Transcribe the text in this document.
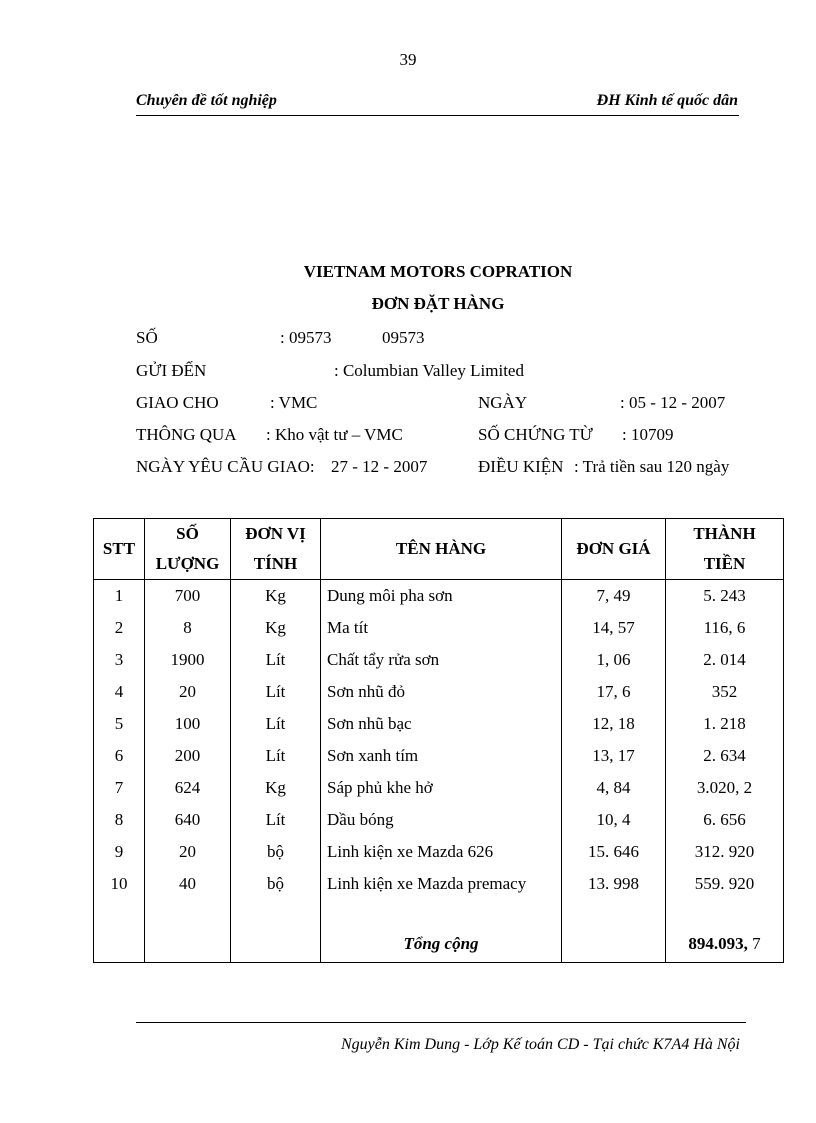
39
Chuyên đề tốt nghiệp	ĐH Kinh tế quốc dân
VIETNAM MOTORS COPRATION
ĐƠN ĐẶT HÀNG
SỐ	: 09573	09573
GỬI ĐẾN	: Columbian Valley Limited
GIAO CHO	: VMC	NGÀY	: 05 - 12 - 2007
THÔNG QUA : Kho vật tư – VMC	SỐ CHỨNG TỪ : 10709
NGÀY YÊU CẦU GIAO: 27 - 12 - 2007	ĐIỀU KIỆN : Trả tiền sau 120 ngày
STT	SỐ	ĐƠN VỊ	TÊN HÀNG	ĐƠN GIÁ	THÀNH
	LƯỢNG	TÍNH			TIỀN
1	700	Kg	Dung môi pha sơn	7, 49	5. 243
2	8	Kg	Ma tít	14, 57	116, 6
3	1900	Lít	Chất tẩy rửa sơn	1, 06	2. 014
4	20	Lít	Sơn nhũ đỏ	17, 6	352
5	100	Lít	Sơn nhũ bạc	12, 18	1. 218
6	200	Lít	Sơn xanh tím	13, 17	2. 634
7	624	Kg	Sáp phủ khe hở	4, 84	3.020, 2
8	640	Lít	Dầu bóng	10, 4	6. 656
9	20	bộ	Linh kiện xe Mazda 626	15. 646	312. 920
10	40	bộ	Linh kiện xe Mazda premacy	13. 998	559. 920

			Tổng cộng		894.093, 7
Nguyễn Kim Dung - Lớp Kế toán CD - Tại chức K7A4 Hà Nội
